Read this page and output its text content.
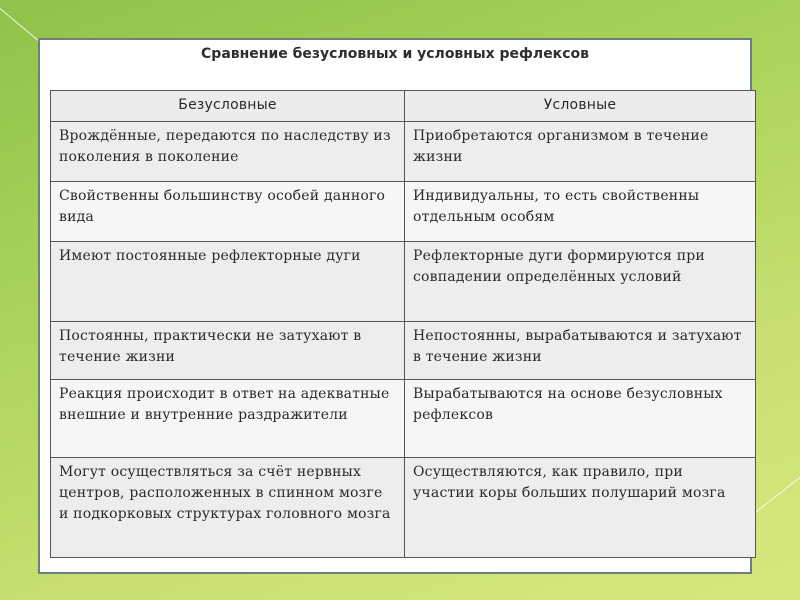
Сравнение безусловных и условных рефлексов
Безусловные	Условные
Врождённые, передаются по наследству из поколения в поколение	Приобретаются организмом в течение жизни
Свойственны большинству особей данного вида	Индивидуальны, то есть свойственны отдельным особям
Имеют постоянные рефлекторные дуги	Рефлекторные дуги формируются при совпадении определённых условий
Постоянны, практически не затухают в течение жизни	Непостоянны, вырабатываются и затухают в течение жизни
Реакция происходит в ответ на адекватные внешние и внутренние раздражители	Вырабатываются на основе безусловных рефлексов
Могут осуществляться за счёт нервных центров, расположенных в спинном мозге и подкорковых структурах головного мозга	Осуществляются, как правило, при участии коры больших полушарий мозга
